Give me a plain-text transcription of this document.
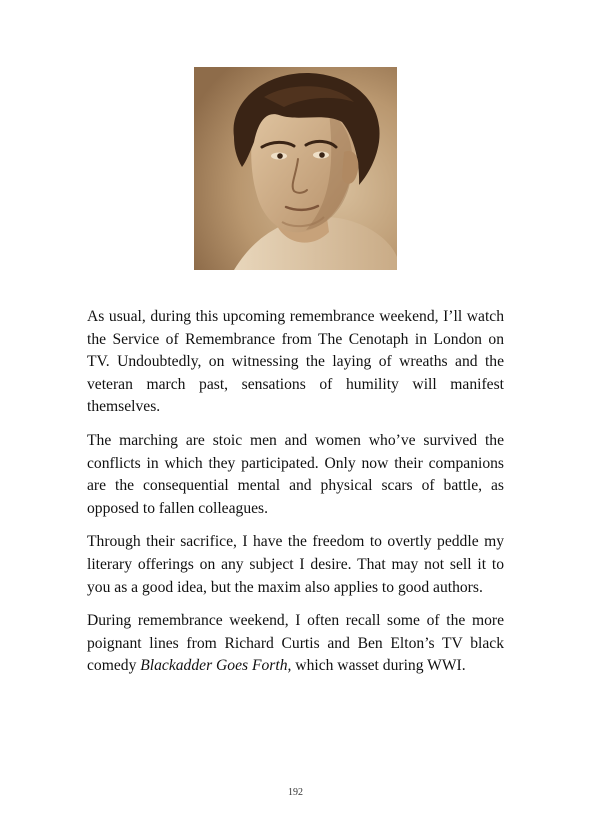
As usual, during this upcoming remembrance weekend, I’ll watch the Service of Remembrance from The Cenotaph in London on TV. Undoubtedly, on witnessing the laying of wreaths and the veteran march past, sensations of humility will manifest themselves.

The marching are stoic men and women who’ve survived the conflicts in which they participated. Only now their companions are the consequential mental and physical scars of battle, as opposed to fallen colleagues.

Through their sacrifice, I have the freedom to overtly peddle my literary offerings on any subject I desire. That may not sell it to you as a good idea, but the maxim also applies to good authors.

During remembrance weekend, I often recall some of the more poignant lines from Richard Curtis and Ben Elton’s TV black comedy Blackadder Goes Forth, which wasset during WWI.

192
